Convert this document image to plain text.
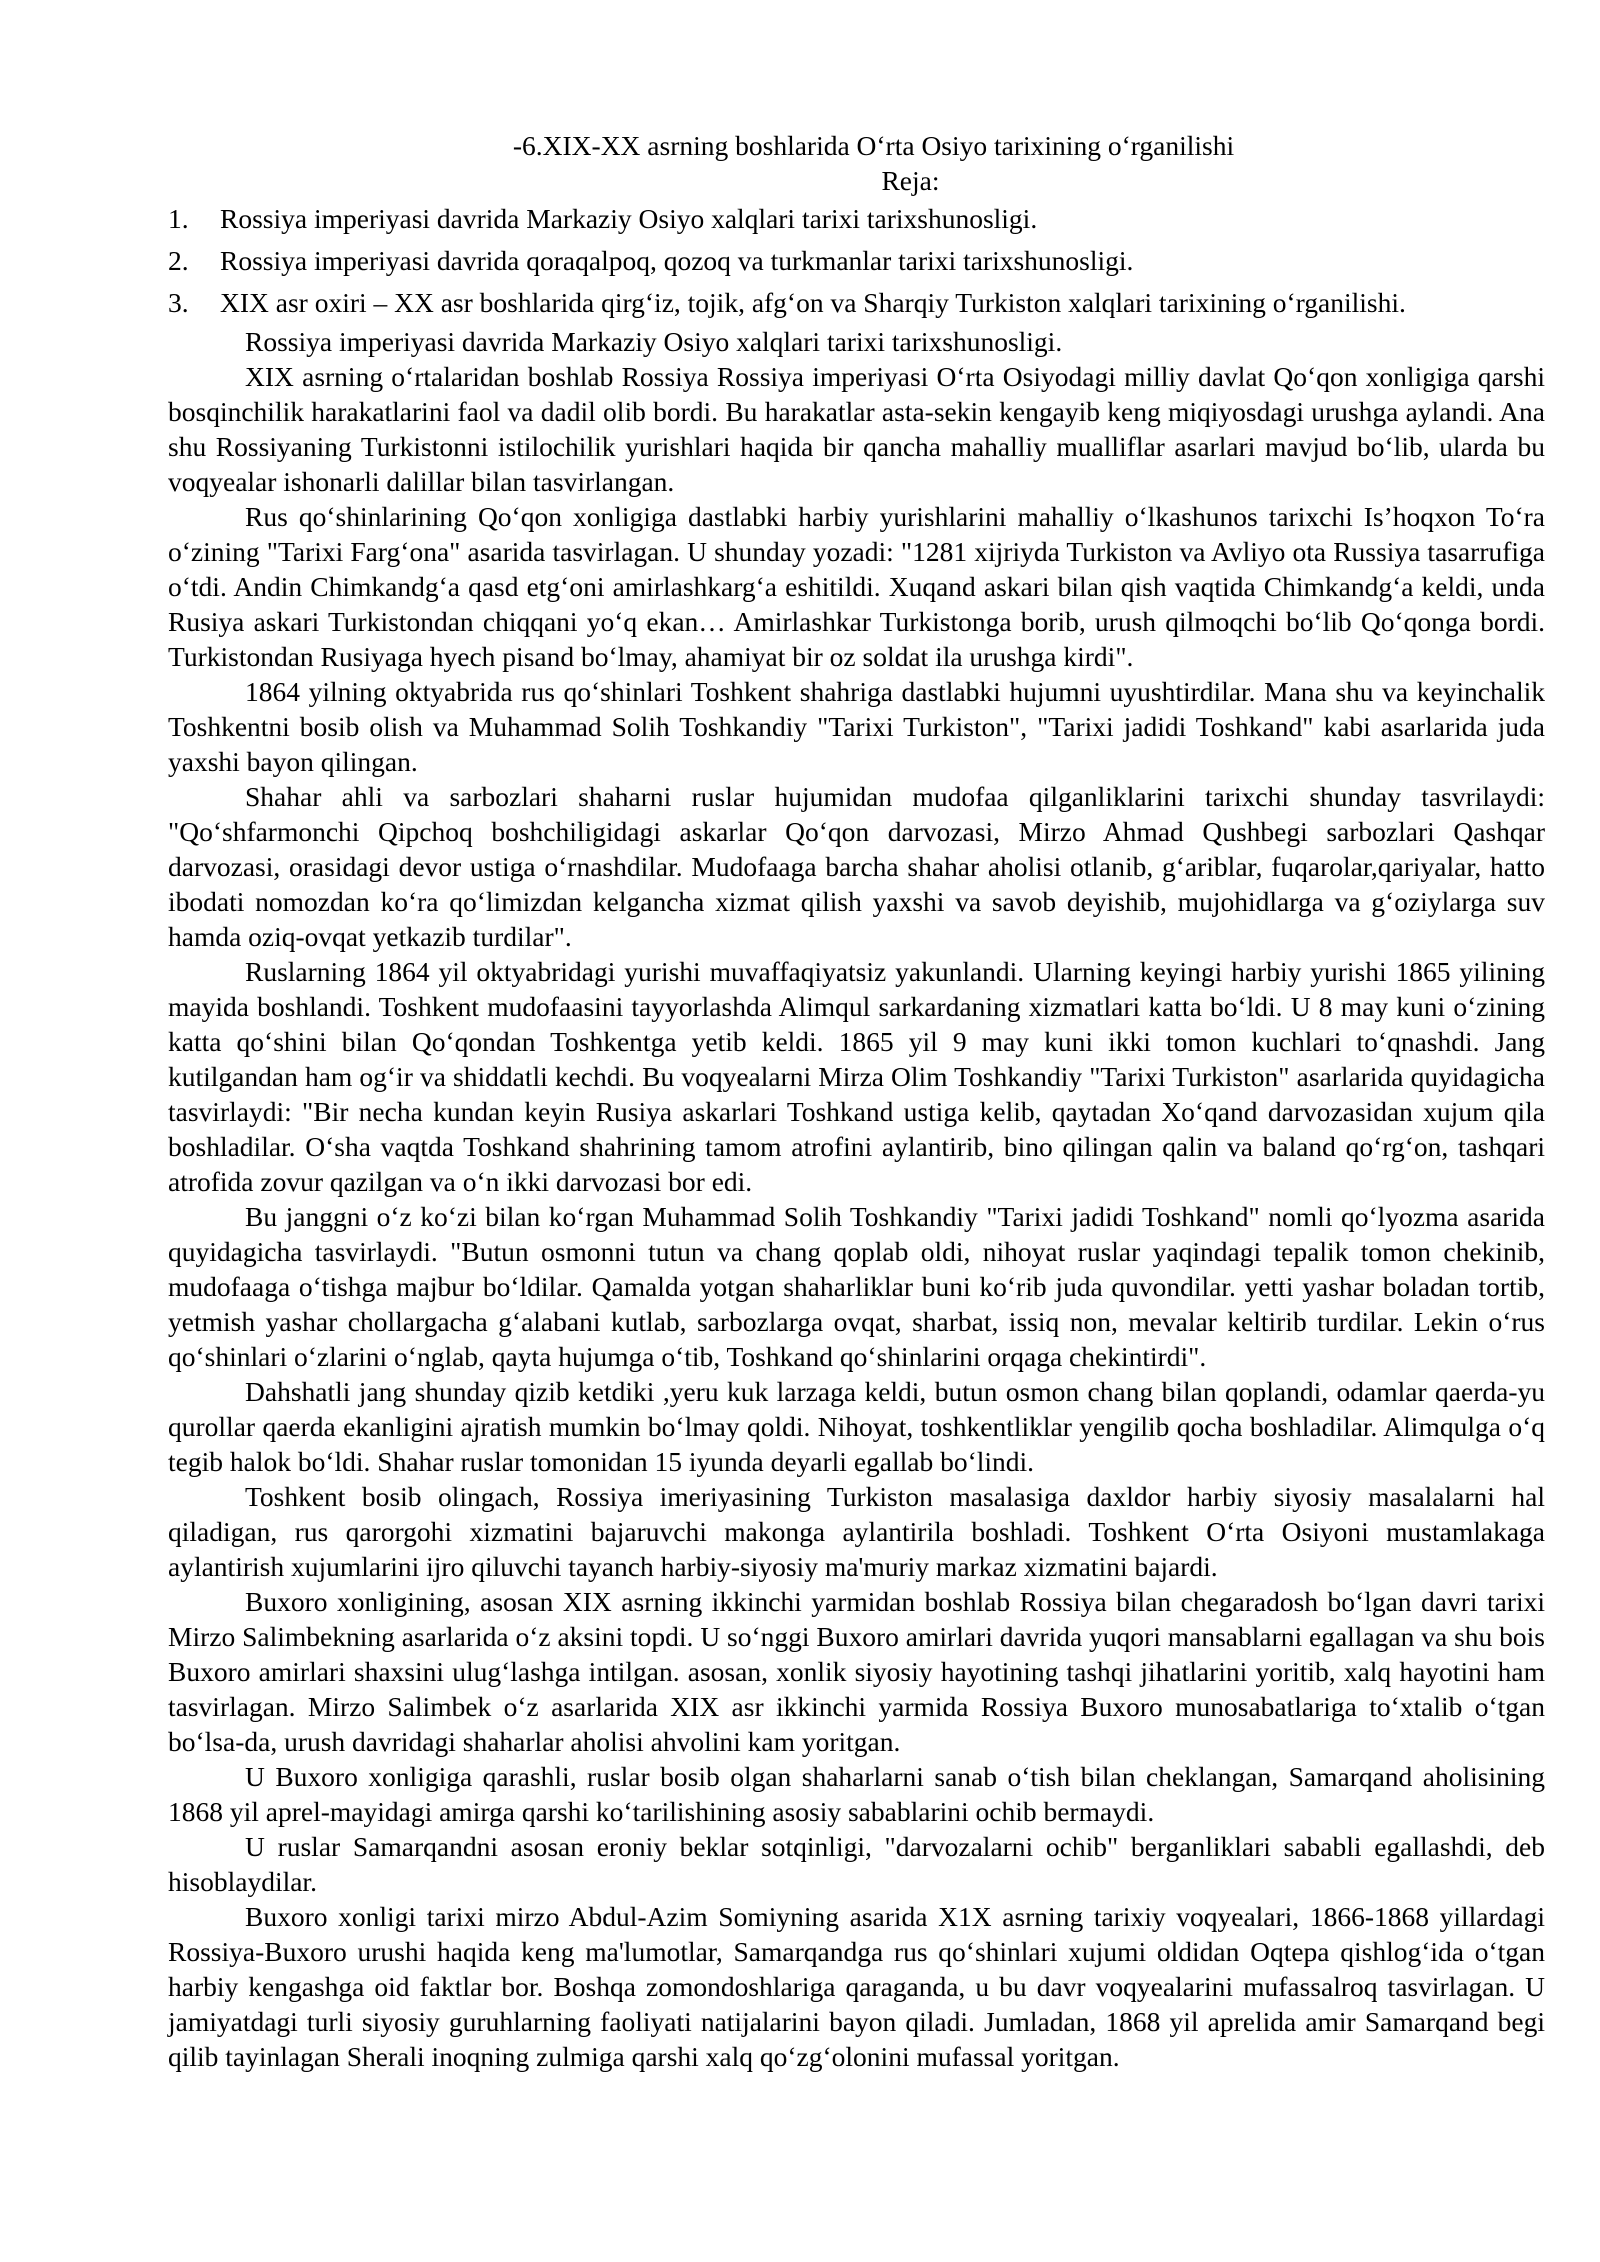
-6.XIX-XX asrning boshlarida O‘rta Osiyo tarixining o‘rganilishi
Reja:
1.	Rossiya imperiyasi davrida Markaziy Osiyo xalqlari tarixi tarixshunosligi.
2.	Rossiya imperiyasi davrida qoraqalpoq, qozoq va turkmanlar tarixi tarixshunosligi.
3.	XIX asr oxiri – XX asr boshlarida qirg‘iz, tojik, afg‘on va Sharqiy Turkiston xalqlari tarixining o‘rganilishi.

Rossiya imperiyasi davrida Markaziy Osiyo xalqlari tarixi tarixshunosligi.

XIX asrning o‘rtalaridan boshlab Rossiya Rossiya imperiyasi O‘rta Osiyodagi milliy davlat Qo‘qon xonligiga qarshi bosqinchilik harakatlarini faol va dadil olib bordi. Bu harakatlar asta-sekin kengayib keng miqiyosdagi urushga aylandi. Ana shu Rossiyaning Turkistonni istilochilik yurishlari haqida bir qancha mahalliy mualliflar asarlari mavjud bo‘lib, ularda bu voqyealar ishonarli dalillar bilan tasvirlangan.

Rus qo‘shinlarining Qo‘qon xonligiga dastlabki harbiy yurishlarini mahalliy o‘lkashunos tarixchi Is’hoqxon To‘ra o‘zining "Tarixi Farg‘ona" asarida tasvirlagan. U shunday yozadi: "1281 xijriyda Turkiston va Avliyo ota Russiya tasarrufiga o‘tdi. Andin Chimkandg‘a qasd etg‘oni amirlashkarg‘a eshitildi. Xuqand askari bilan qish vaqtida Chimkandg‘a keldi, unda Rusiya askari Turkistondan chiqqani yo‘q ekan… Amirlashkar Turkistonga borib, urush qilmoqchi bo‘lib Qo‘qonga bordi. Turkistondan Rusiyaga hyech pisand bo‘lmay, ahamiyat bir oz soldat ila urushga kirdi".

1864 yilning oktyabrida rus qo‘shinlari Toshkent shahriga dastlabki hujumni uyushtirdilar. Mana shu va keyinchalik Toshkentni bosib olish va Muhammad Solih Toshkandiy "Tarixi Turkiston", "Tarixi jadidi Toshkand" kabi asarlarida juda yaxshi bayon qilingan.

Shahar ahli va sarbozlari shaharni ruslar hujumidan mudofaa qilganliklarini tarixchi shunday tasvrilaydi: "Qo‘shfarmonchi Qipchoq boshchiligidagi askarlar Qo‘qon darvozasi, Mirzo Ahmad Qushbegi sarbozlari Qashqar darvozasi, orasidagi devor ustiga o‘rnashdilar. Mudofaaga barcha shahar aholisi otlanib, g‘ariblar, fuqarolar,qariyalar, hatto ibodati nomozdan ko‘ra qo‘limizdan kelgancha xizmat qilish yaxshi va savob deyishib, mujohidlarga va g‘oziylarga suv hamda oziq-ovqat yetkazib turdilar".

Ruslarning 1864 yil oktyabridagi yurishi muvaffaqiyatsiz yakunlandi. Ularning keyingi harbiy yurishi 1865 yilining mayida boshlandi. Toshkent mudofaasini tayyorlashda Alimqul sarkardaning xizmatlari katta bo‘ldi. U 8 may kuni o‘zining katta qo‘shini bilan Qo‘qondan Toshkentga yetib keldi. 1865 yil 9 may kuni ikki tomon kuchlari to‘qnashdi. Jang kutilgandan ham og‘ir va shiddatli kechdi. Bu voqyealarni Mirza Olim Toshkandiy "Tarixi Turkiston" asarlarida quyidagicha tasvirlaydi: "Bir necha kundan keyin Rusiya askarlari Toshkand ustiga kelib, qaytadan Xo‘qand darvozasidan xujum qila boshladilar. O‘sha vaqtda Toshkand shahrining tamom atrofini aylantirib, bino qilingan qalin va baland qo‘rg‘on, tashqari atrofida zovur qazilgan va o‘n ikki darvozasi bor edi.

Bu janggni o‘z ko‘zi bilan ko‘rgan Muhammad Solih Toshkandiy "Tarixi jadidi Toshkand" nomli qo‘lyozma asarida quyidagicha tasvirlaydi. "Butun osmonni tutun va chang qoplab oldi, nihoyat ruslar yaqindagi tepalik tomon chekinib, mudofaaga o‘tishga majbur bo‘ldilar. Qamalda yotgan shaharliklar buni ko‘rib juda quvondilar. yetti yashar boladan tortib, yetmish yashar chollargacha g‘alabani kutlab, sarbozlarga ovqat, sharbat, issiq non, mevalar keltirib turdilar. Lekin o‘rus qo‘shinlari o‘zlarini o‘nglab, qayta hujumga o‘tib, Toshkand qo‘shinlarini orqaga chekintirdi".

Dahshatli jang shunday qizib ketdiki ,yeru kuk larzaga keldi, butun osmon chang bilan qoplandi, odamlar qaerda-yu qurollar qaerda ekanligini ajratish mumkin bo‘lmay qoldi. Nihoyat, toshkentliklar yengilib qocha boshladilar. Alimqulga o‘q tegib halok bo‘ldi. Shahar ruslar tomonidan 15 iyunda deyarli egallab bo‘lindi.

Toshkent bosib olingach, Rossiya imeriyasining Turkiston masalasiga daxldor harbiy siyosiy masalalarni hal qiladigan, rus qarorgohi xizmatini bajaruvchi makonga aylantirila boshladi. Toshkent O‘rta Osiyoni mustamlakaga aylantirish xujumlarini ijro qiluvchi tayanch harbiy-siyosiy ma'muriy markaz xizmatini bajardi.

Buxoro xonligining, asosan XIX asrning ikkinchi yarmidan boshlab Rossiya bilan chegaradosh bo‘lgan davri tarixi Mirzo Salimbekning asarlarida o‘z aksini topdi. U so‘nggi Buxoro amirlari davrida yuqori mansablarni egallagan va shu bois Buxoro amirlari shaxsini ulug‘lashga intilgan. asosan, xonlik siyosiy hayotining tashqi jihatlarini yoritib, xalq hayotini ham tasvirlagan. Mirzo Salimbek o‘z asarlarida XIX asr ikkinchi yarmida Rossiya Buxoro munosabatlariga to‘xtalib o‘tgan bo‘lsa-da, urush davridagi shaharlar aholisi ahvolini kam yoritgan.

U Buxoro xonligiga qarashli, ruslar bosib olgan shaharlarni sanab o‘tish bilan cheklangan, Samarqand aholisining 1868 yil aprel-mayidagi amirga qarshi ko‘tarilishining asosiy sabablarini ochib bermaydi.

U ruslar Samarqandni asosan eroniy beklar sotqinligi, "darvozalarni ochib" berganliklari sababli egallashdi, deb hisoblaydilar.

Buxoro xonligi tarixi mirzo Abdul-Azim Somiyning asarida X1X asrning tarixiy voqyealari, 1866-1868 yillardagi Rossiya-Buxoro urushi haqida keng ma'lumotlar, Samarqandga rus qo‘shinlari xujumi oldidan Oqtepa qishlog‘ida o‘tgan harbiy kengashga oid faktlar bor. Boshqa zomondoshlariga qaraganda, u bu davr voqyealarini mufassalroq tasvirlagan. U jamiyatdagi turli siyosiy guruhlarning faoliyati natijalarini bayon qiladi. Jumladan, 1868 yil aprelida amir Samarqand begi qilib tayinlagan Sherali inoqning zulmiga qarshi xalq qo‘zg‘olonini mufassal yoritgan.
